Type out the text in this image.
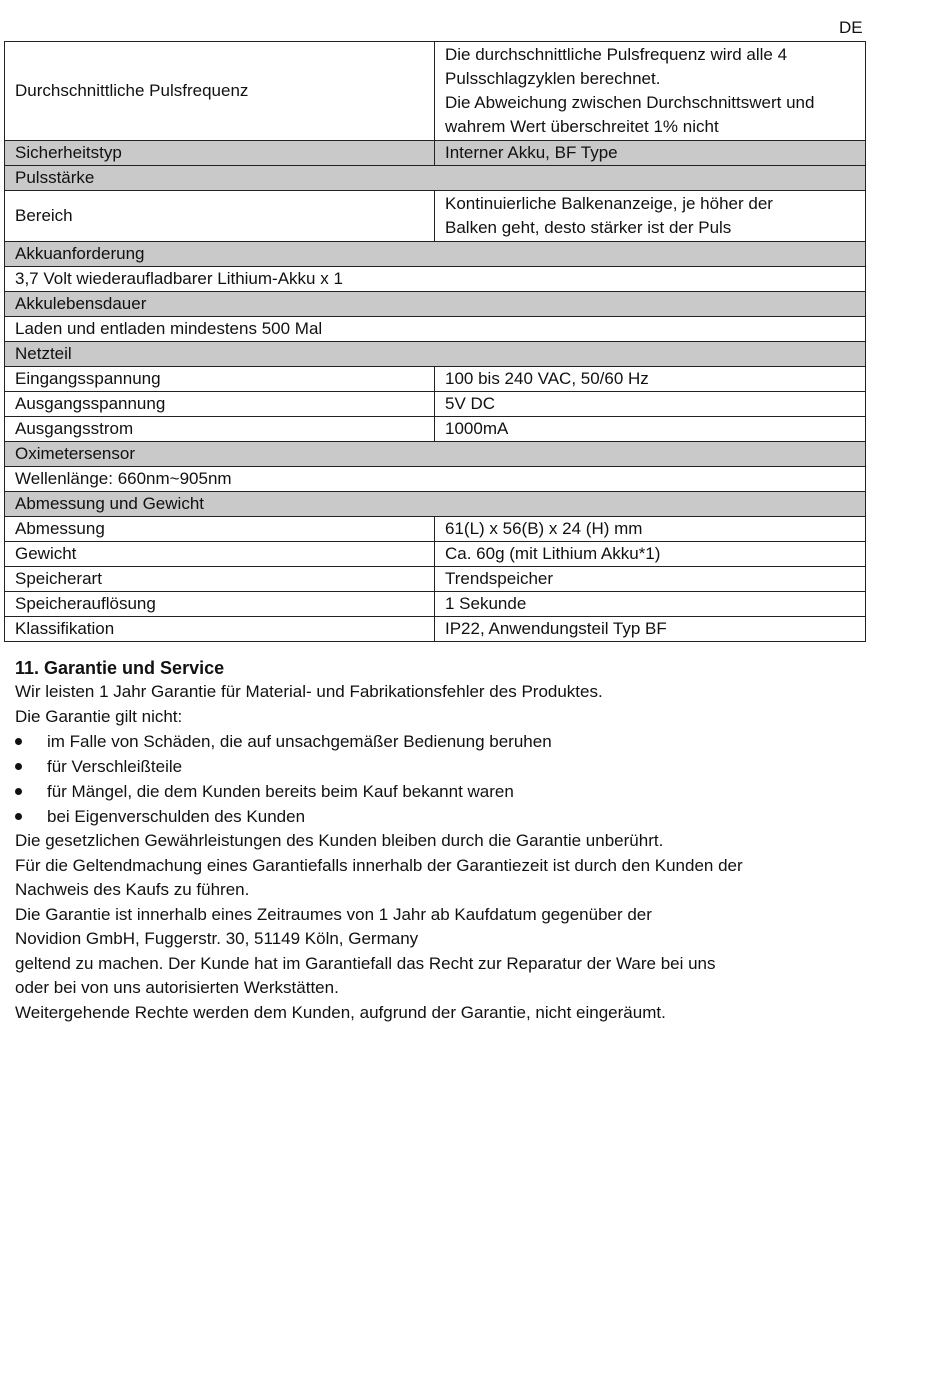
DE
Durchschnittliche Pulsfrequenz	Die durchschnittliche Pulsfrequenz wird alle 4
Pulsschlagzyklen berechnet.
Die Abweichung zwischen Durchschnittswert und
wahrem Wert überschreitet 1% nicht

Sicherheitstyp	Interner Akku, BF Type
Pulsstärke	
Bereich	Kontinuierliche Balkenanzeige, je höher der
Balken geht, desto stärker ist der Puls

Akkuanforderung	
3,7 Volt wiederaufladbarer Lithium-Akku x 1	
Akkulebensdauer	
Laden und entladen mindestens 500 Mal	
Netzteil	
Eingangsspannung	100 bis 240 VAC, 50/60 Hz
Ausgangsspannung	5V DC
Ausgangsstrom	1000mA
Oximetersensor	
Wellenlänge: 660nm~905nm	
Abmessung und Gewicht	
Abmessung	61(L) x 56(B) x 24 (H) mm
Gewicht	Ca. 60g (mit Lithium Akku*1)
Speicherart	Trendspeicher
Speicherauflösung	1 Sekunde
Klassifikation	IP22, Anwendungsteil Typ BF

11. Garantie und Service

Wir leisten 1 Jahr Garantie für Material- und Fabrikationsfehler des Produktes.

Die Garantie gilt nicht:

im Falle von Schäden, die auf unsachgemäßer Bedienung beruhen
für Verschleißteile
für Mängel, die dem Kunden bereits beim Kauf bekannt waren
bei Eigenverschulden des Kunden

Die gesetzlichen Gewährleistungen des Kunden bleiben durch die Garantie unberührt.

Für die Geltendmachung eines Garantiefalls innerhalb der Garantiezeit ist durch den Kunden der

Nachweis des Kaufs zu führen.

Die Garantie ist innerhalb eines Zeitraumes von 1 Jahr ab Kaufdatum gegenüber der

Novidion GmbH, Fuggerstr. 30, 51149 Köln, Germany

geltend zu machen. Der Kunde hat im Garantiefall das Recht zur Reparatur der Ware bei uns

oder bei von uns autorisierten Werkstätten.

Weitergehende Rechte werden dem Kunden, aufgrund der Garantie, nicht eingeräumt.
